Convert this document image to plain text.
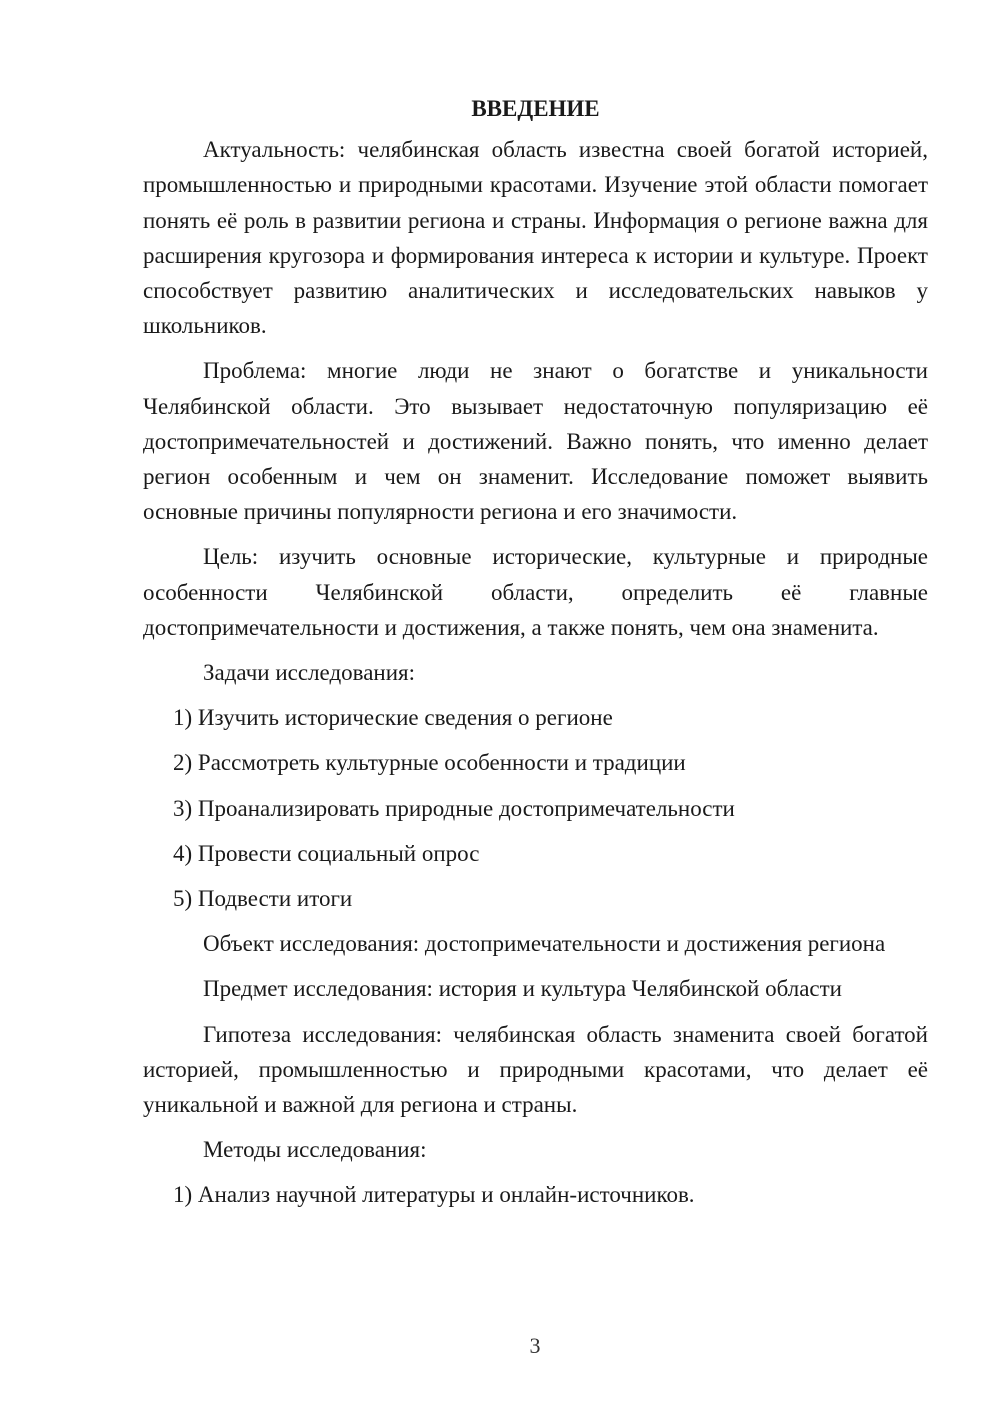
ВВЕДЕНИЕ

Актуальность: челябинская область известна своей богатой историей, промышленностью и природными красотами. Изучение этой области помогает понять её роль в развитии региона и страны. Информация о регионе важна для расширения кругозора и формирования интереса к истории и культуре. Проект способствует развитию аналитических и исследовательских навыков у школьников.

Проблема: многие люди не знают о богатстве и уникальности Челябинской области. Это вызывает недостаточную популяризацию её достопримечательностей и достижений. Важно понять, что именно делает регион особенным и чем он знаменит. Исследование поможет выявить основные причины популярности региона и его значимости.

Цель: изучить основные исторические, культурные и природные особенности Челябинской области, определить её главные достопримечательности и достижения, а также понять, чем она знаменита.

Задачи исследования:

1) Изучить исторические сведения о регионе
2) Рассмотреть культурные особенности и традиции
3) Проанализировать природные достопримечательности
4) Провести социальный опрос
5) Подвести итоги

Объект исследования: достопримечательности и достижения региона

Предмет исследования: история и культура Челябинской области

Гипотеза исследования: челябинская область знаменита своей богатой историей, промышленностью и природными красотами, что делает её уникальной и важной для региона и страны.

Методы исследования:

1) Анализ научной литературы и онлайн-источников.
3
